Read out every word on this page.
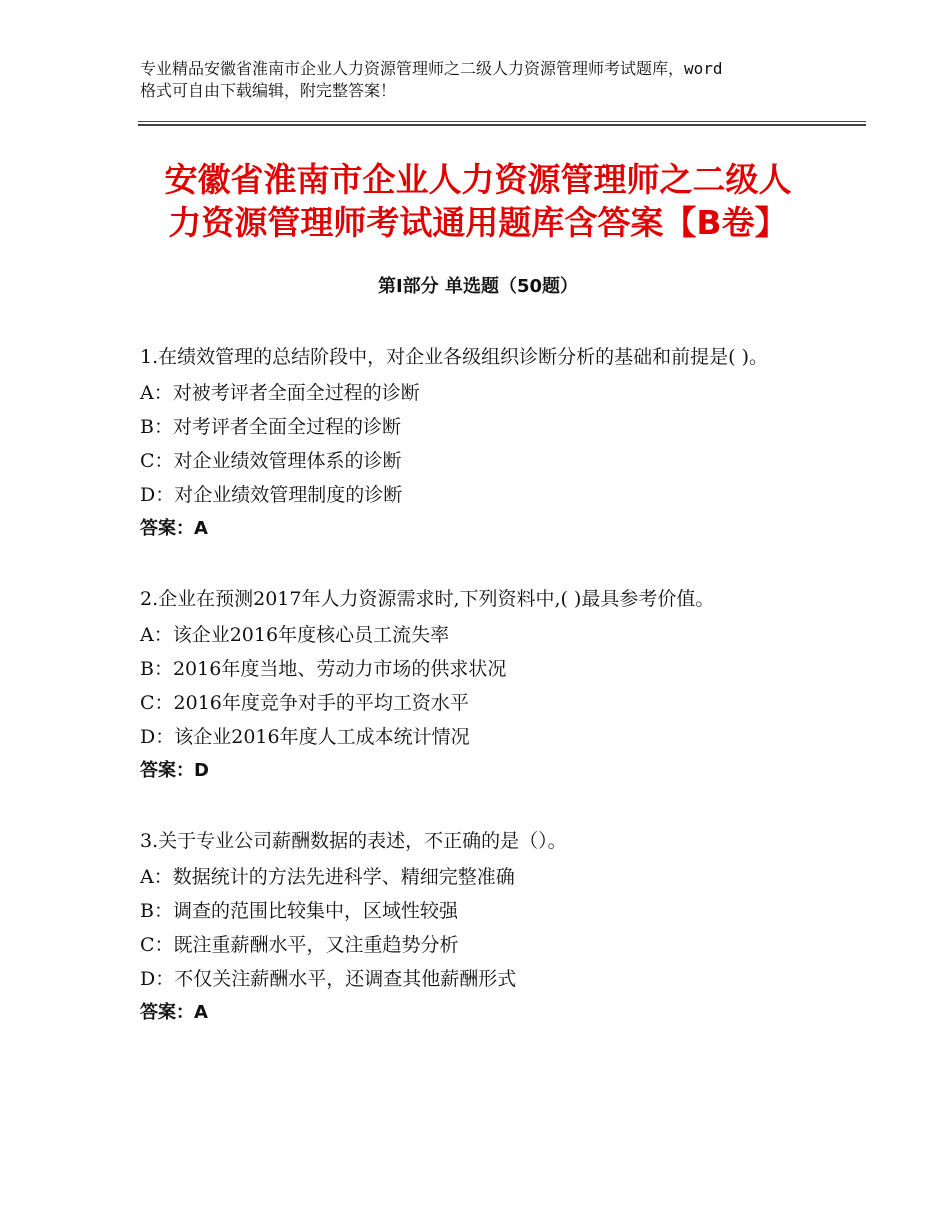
专业精品安徽省淮南市企业人力资源管理师之二级人力资源管理师考试题库，word
格式可自由下载编辑，附完整答案！
安徽省淮南市企业人力资源管理师之二级人
力资源管理师考试通用题库含答案【B卷】
第Ⅰ部分 单选题（50题）
1.在绩效管理的总结阶段中，对企业各级组织诊断分析的基础和前提是( )。
A：对被考评者全面全过程的诊断
B：对考评者全面全过程的诊断
C：对企业绩效管理体系的诊断
D：对企业绩效管理制度的诊断
答案：A
2.企业在预测2017年人力资源需求时,下列资料中,( )最具参考价值。
A：该企业2016年度核心员工流失率
B：2016年度当地、劳动力市场的供求状况
C：2016年度竞争对手的平均工资水平
D：该企业2016年度人工成本统计情况
答案：D
3.关于专业公司薪酬数据的表述，不正确的是（）。
A：数据统计的方法先进科学、精细完整准确
B：调查的范围比较集中，区域性较强
C：既注重薪酬水平，又注重趋势分析
D：不仅关注薪酬水平，还调查其他薪酬形式
答案：A
